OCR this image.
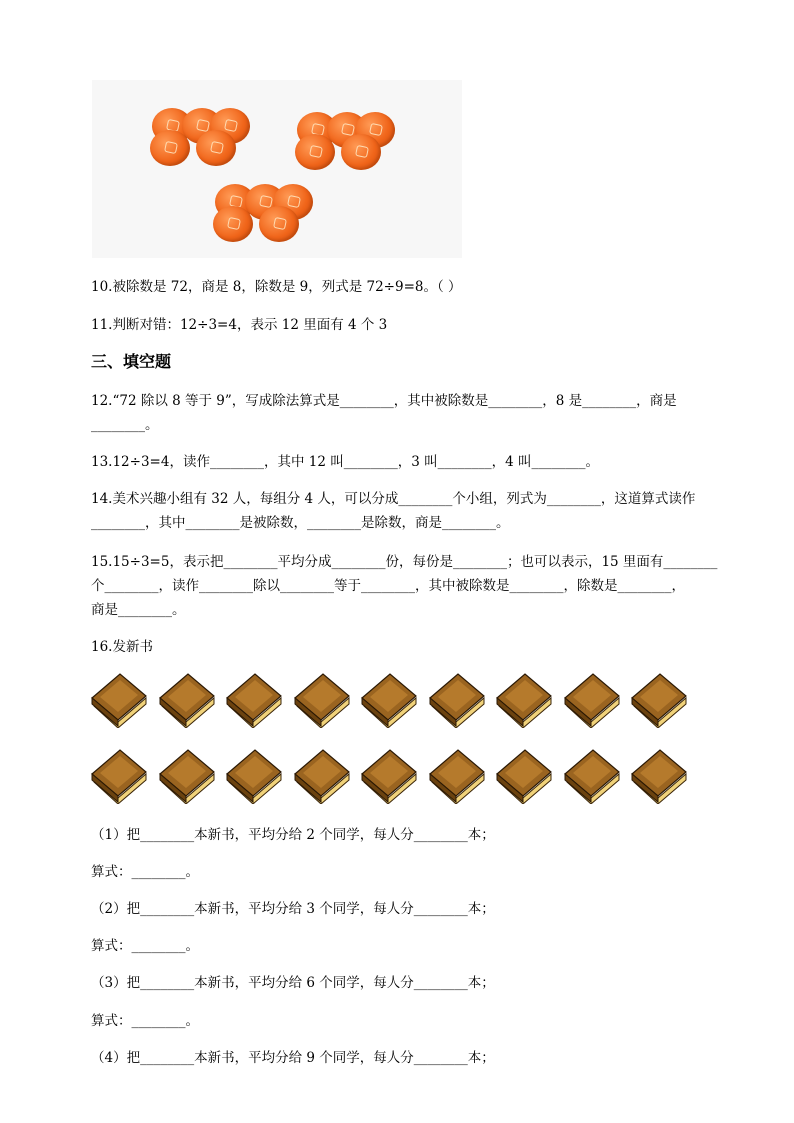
10.被除数是 72，商是 8，除数是 9，列式是 72÷9=8。（ ）
11.判断对错：12÷3=4，表示 12 里面有 4 个 3
三、填空题
12.“72 除以 8 等于 9”，写成除法算式是________，其中被除数是________，8 是________，商是
________。
13.12÷3=4，读作________，其中 12 叫________，3 叫________，4 叫________。
14.美术兴趣小组有 32 人，每组分 4 人，可以分成________个小组，列式为________，这道算式读作
________，其中________是被除数，________是除数，商是________。
15.15÷3=5，表示把________平均分成________份，每份是________；也可以表示，15 里面有________
个________，读作________除以________等于________，其中被除数是________，除数是________，
商是________。
16.发新书
（1）把________本新书，平均分给 2 个同学，每人分________本；
算式：________。
（2）把________本新书，平均分给 3 个同学，每人分________本；
算式：________。
（3）把________本新书，平均分给 6 个同学，每人分________本；
算式：________。
（4）把________本新书，平均分给 9 个同学，每人分________本；
